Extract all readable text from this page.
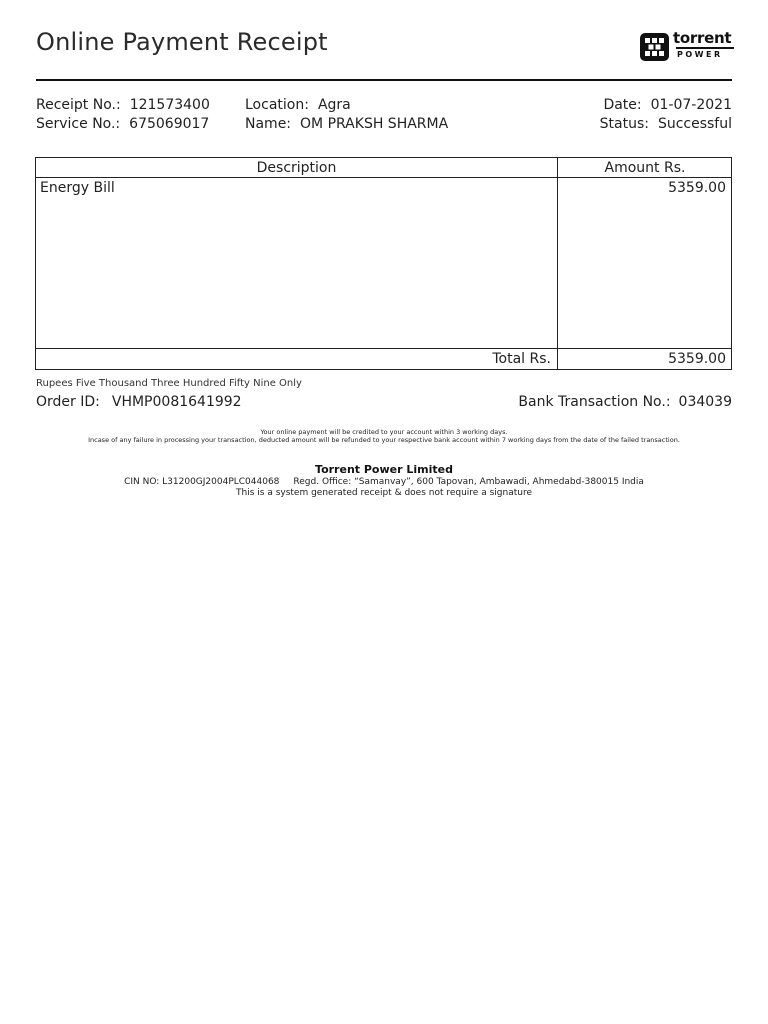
Online Payment Receipt	torrent
POWER
Receipt No.: 121573400
Service No.: 675069017
Location: Agra
Name: OM PRAKSH SHARMA
Date: 01-07-2021
Status: Successful
Description	Amount Rs.
Energy Bill	5359.00
Total Rs.	5359.00
Rupees Five Thousand Three Hundred Fifty Nine Only
Order ID: VHMP0081641992	Bank Transaction No.: 034039
Your online payment will be credited to your account within 3 working days.
Incase of any failure in processing your transaction, deducted amount will be refunded to your respective bank account within 7 working days from the date of the failed transaction.
Torrent Power Limited
CIN NO: L31200GJ2004PLC044068 Regd. Office: “Samanvay”, 600 Tapovan, Ambawadi, Ahmedabd-380015 India
This is a system generated receipt & does not require a signature
